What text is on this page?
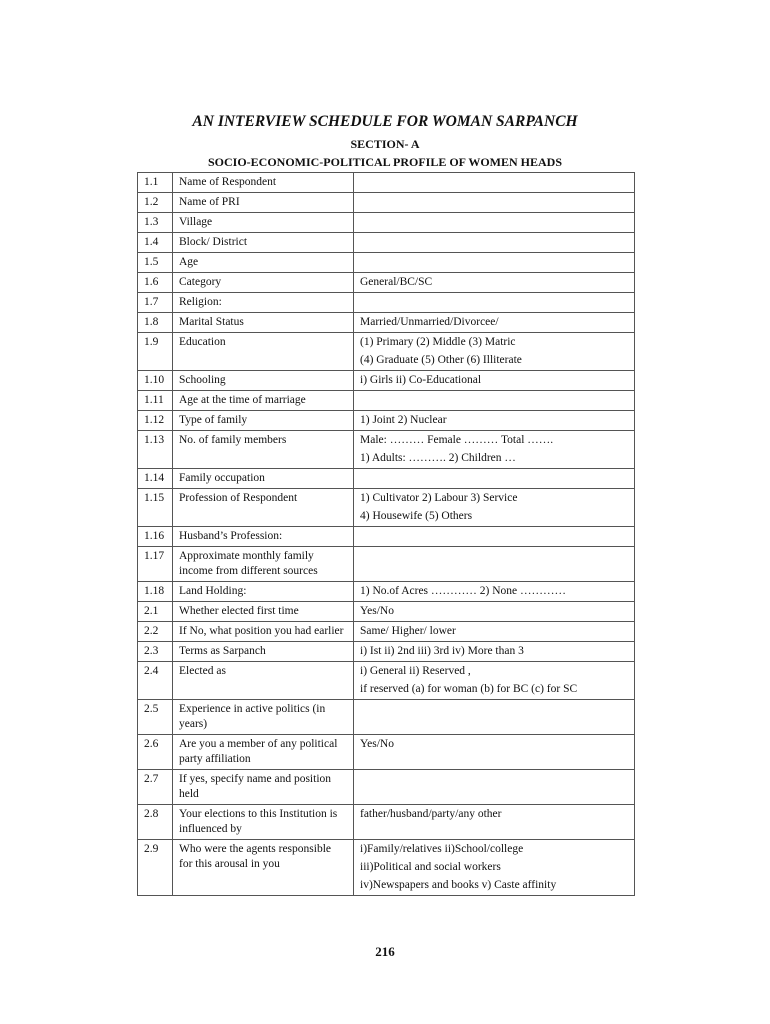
AN INTERVIEW SCHEDULE FOR WOMAN SARPANCH
SECTION- A
SOCIO-ECONOMIC-POLITICAL PROFILE OF WOMEN HEADS
1.1	Name of Respondent	
1.2	Name of PRI	
1.3	Village	
1.4	Block/ District	
1.5	Age	
1.6	Category	General/BC/SC

1.7	Religion:	
1.8	Marital Status	Married/Unmarried/Divorcee/

1.9	Education	(1) Primary (2) Middle (3) Matric
(4) Graduate (5) Other (6) Illiterate

1.10	Schooling	i) Girls ii) Co-Educational

1.11	Age at the time of marriage	
1.12	Type of family	1) Joint 2) Nuclear

1.13	No. of family members	Male: ……… Female ……… Total …….
1) Adults: ………. 2) Children …

1.14	Family occupation	
1.15	Profession of Respondent	1) Cultivator 2) Labour 3) Service
4) Housewife (5) Others

1.16	Husband’s Profession:	
1.17	Approximate monthly family income from different sources	
1.18	Land Holding:	1) No.of Acres ………… 2) None …………

2.1	Whether elected first time	Yes/No

2.2	If No, what position you had earlier	Same/ Higher/ lower

2.3	Terms as Sarpanch	i) Ist ii) 2nd iii) 3rd iv) More than 3

2.4	Elected as	i) General ii) Reserved ,
if reserved (a) for woman (b) for BC (c) for SC

2.5	Experience in active politics (in years)	
2.6	Are you a member of any political party affiliation	Yes/No

2.7	If yes, specify name and position held	
2.8	Your elections to this Institution is influenced by	father/husband/party/any other

2.9	Who were the agents responsible for this arousal in you	i)Family/relatives ii)School/college
iii)Political and social workers
iv)Newspapers and books v) Caste affinity
216
